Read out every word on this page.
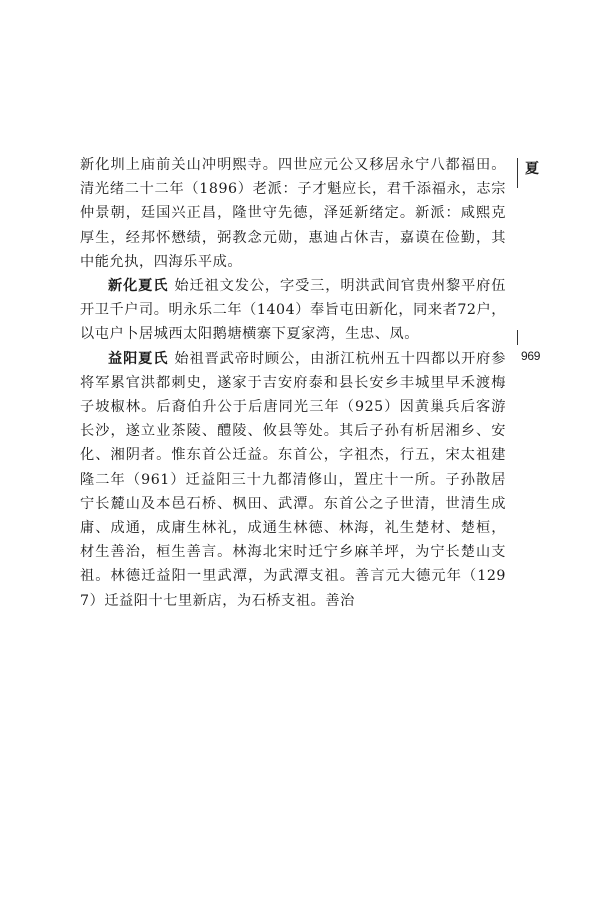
夏
969

新化圳上庙前关山冲明熙寺。四世应元公又移居永宁八都福田。清光绪二十二年（1896）老派：子才魁应长，君千添福永，志宗仲景朝，廷国兴正昌，隆世守先德，泽延新绪定。新派：咸熙克厚生，经邦怀懋绩，弼教念元勋，惠迪占休吉，嘉谟在俭勤，其中能允执，四海乐平成。

新化夏氏 始迁祖文发公，字受三，明洪武间官贵州黎平府伍开卫千户司。明永乐二年（1404）奉旨屯田新化，同来者72户，以屯户卜居城西太阳鹅塘横寨下夏家湾，生忠、凤。

益阳夏氏 始祖晋武帝时顾公，由浙江杭州五十四都以开府参将军累官洪都刺史，遂家于吉安府泰和县长安乡丰城里早禾渡梅子坡椒林。后裔伯升公于后唐同光三年（925）因黄巢兵后客游长沙，遂立业茶陵、醴陵、攸县等处。其后子孙有析居湘乡、安化、湘阴者。惟东首公迁益。东首公，字祖杰，行五，宋太祖建隆二年（961）迁益阳三十九都清修山，置庄十一所。子孙散居宁长麓山及本邑石桥、枫田、武潭。东首公之子世清，世清生成庸、成通，成庸生林礼，成通生林德、林海，礼生楚材、楚桓，材生善治，桓生善言。林海北宋时迁宁乡麻羊坪，为宁长楚山支祖。林德迁益阳一里武潭，为武潭支祖。善言元大德元年（1297）迁益阳十七里新店，为石桥支祖。善治
